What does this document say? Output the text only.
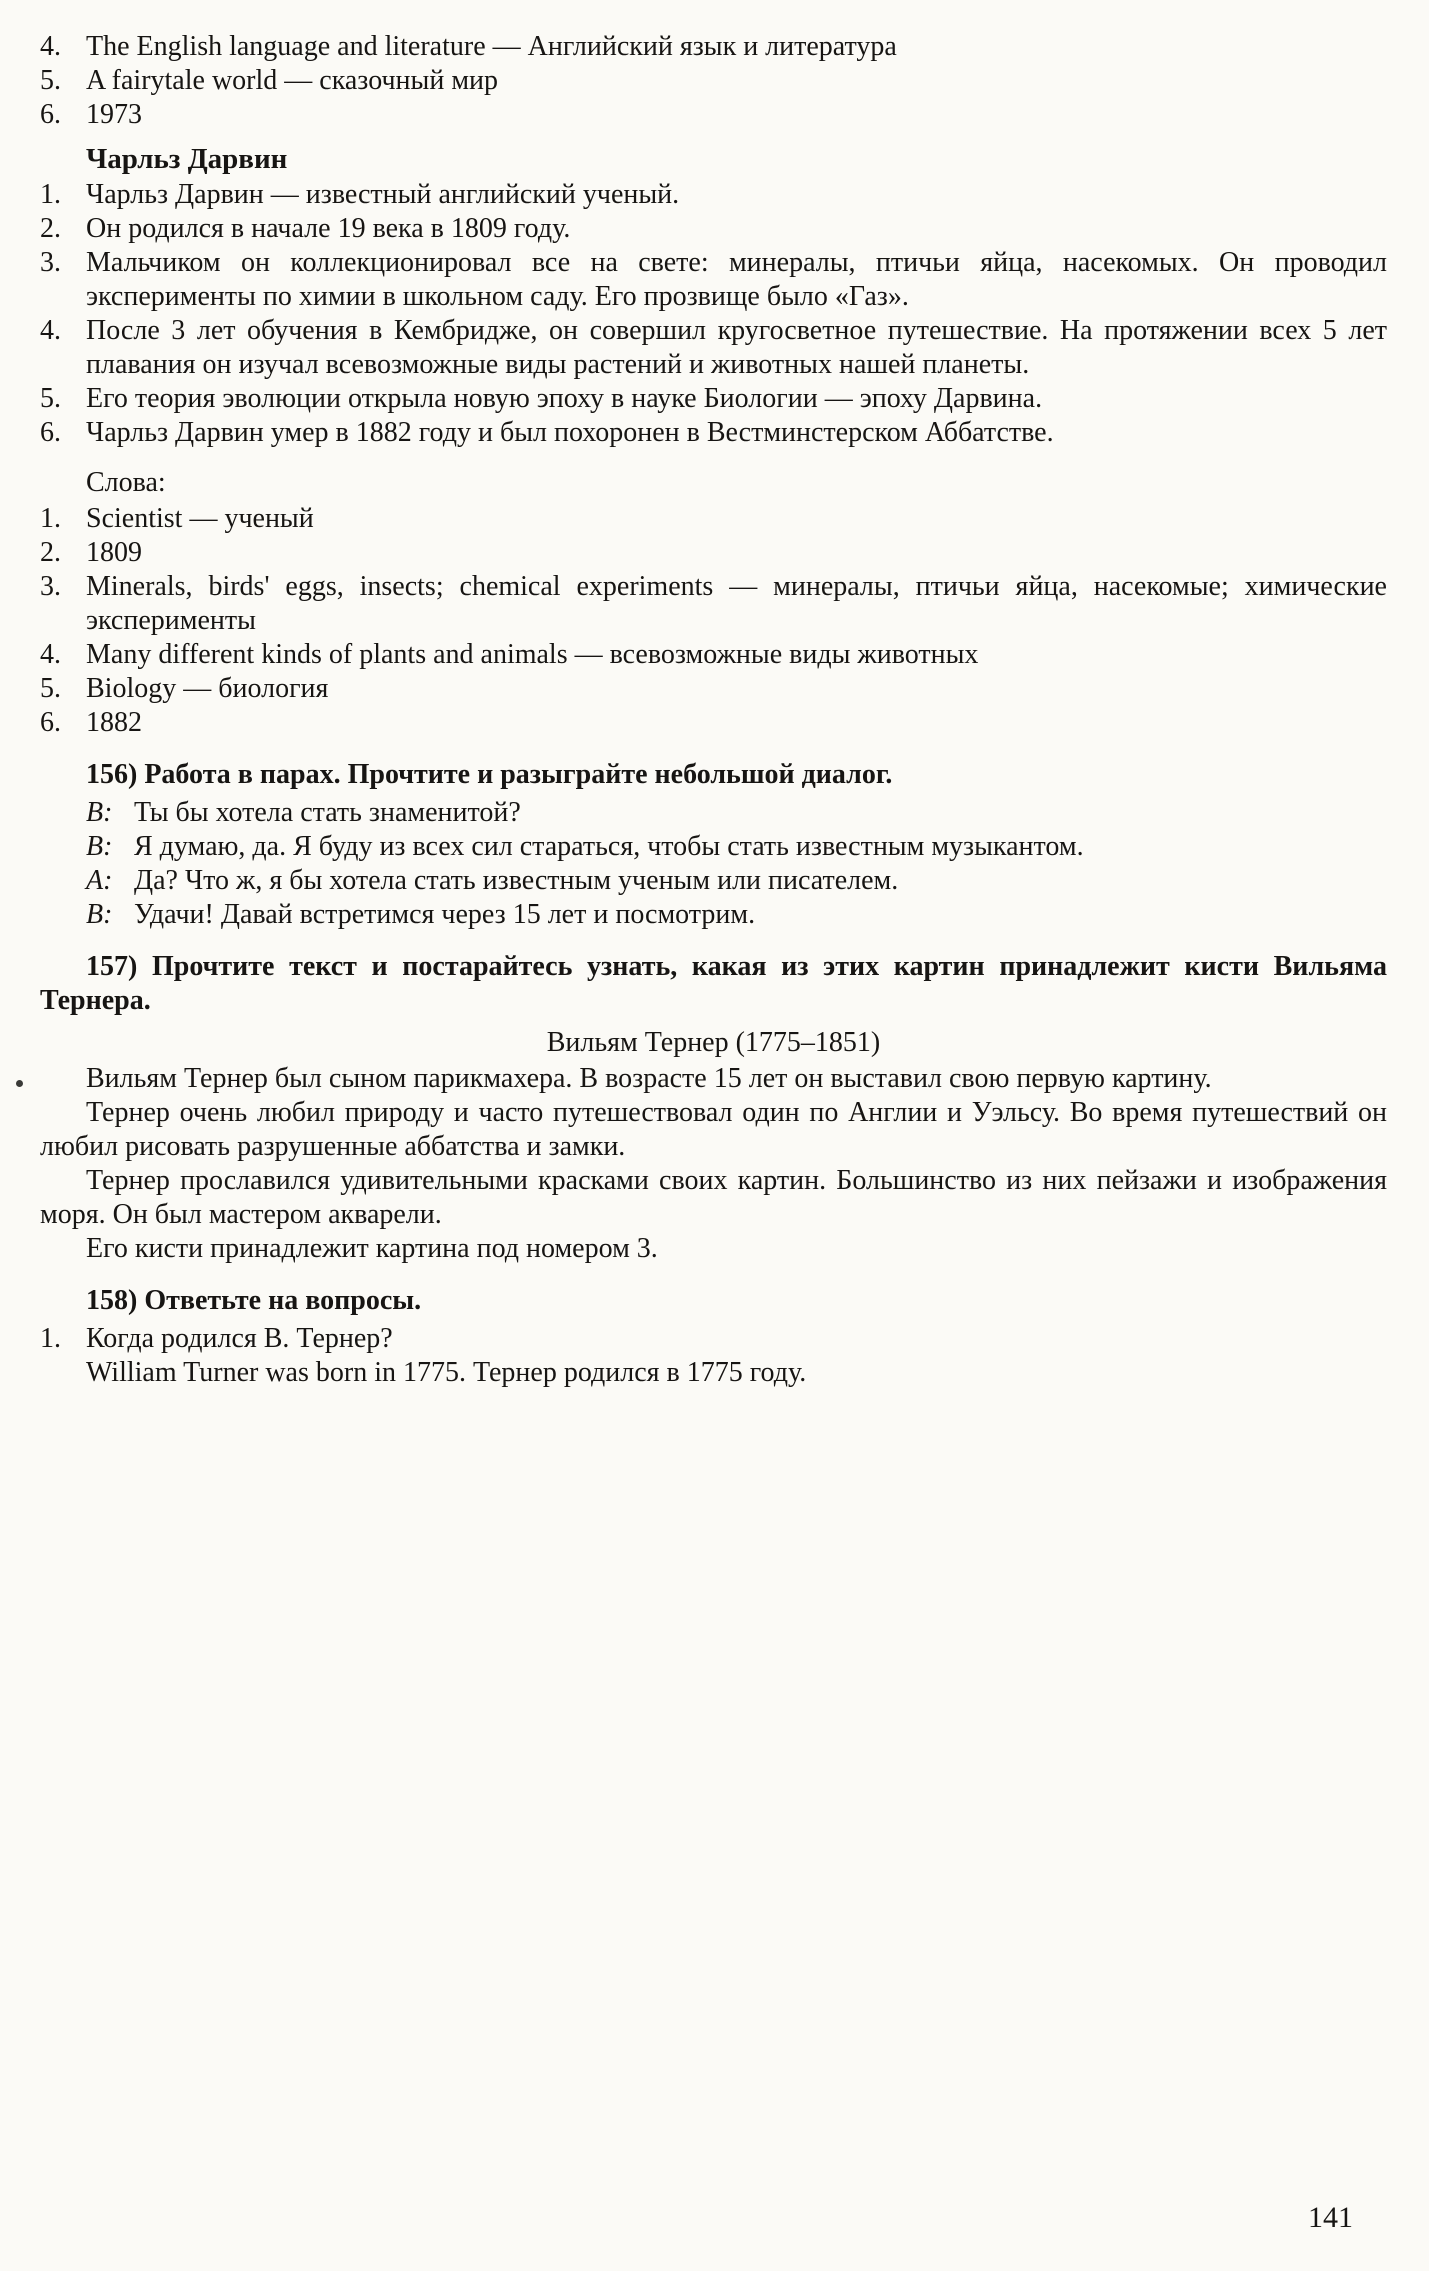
4. The English language and literature — Английский язык и литература
5. A fairytale world — сказочный мир
6. 1973
Чарльз Дарвин
1. Чарльз Дарвин — известный английский ученый.
2. Он родился в начале 19 века в 1809 году.
3. Мальчиком он коллекционировал все на свете: минералы, птичьи яйца, насекомых. Он проводил эксперименты по химии в школьном саду. Его прозвище было «Газ».
4. После 3 лет обучения в Кембридже, он совершил кругосветное путешествие. На протяжении всех 5 лет плавания он изучал всевозможные виды растений и животных нашей планеты.
5. Его теория эволюции открыла новую эпоху в науке Биологии — эпоху Дарвина.
6. Чарльз Дарвин умер в 1882 году и был похоронен в Вестминстерском Аббатстве.
Слова:
1. Scientist — ученый
2. 1809
3. Minerals, birds' eggs, insects; chemical experiments — минералы, птичьи яйца, насекомые; химические эксперименты
4. Many different kinds of plants and animals — всевозможные виды животных
5. Biology — биология
6. 1882
156) Работа в парах. Прочтите и разыграйте небольшой диалог.
В: Ты бы хотела стать знаменитой?
В: Я думаю, да. Я буду из всех сил стараться, чтобы стать известным музыкантом.
А: Да? Что ж, я бы хотела стать известным ученым или писателем.
В: Удачи! Давай встретимся через 15 лет и посмотрим.
157) Прочтите текст и постарайтесь узнать, какая из этих картин принадлежит кисти Вильяма Тернера.
Вильям Тернер (1775–1851)

Вильям Тернер был сыном парикмахера. В возрасте 15 лет он выставил свою первую картину.

Тернер очень любил природу и часто путешествовал один по Англии и Уэльсу. Во время путешествий он любил рисовать разрушенные аббатства и замки.

Тернер прославился удивительными красками своих картин. Большинство из них пейзажи и изображения моря. Он был мастером акварели.

Его кисти принадлежит картина под номером 3.

158) Ответьте на вопросы.
1. Когда родился В. Тернер?
William Turner was born in 1775. Тернер родился в 1775 году.
141
